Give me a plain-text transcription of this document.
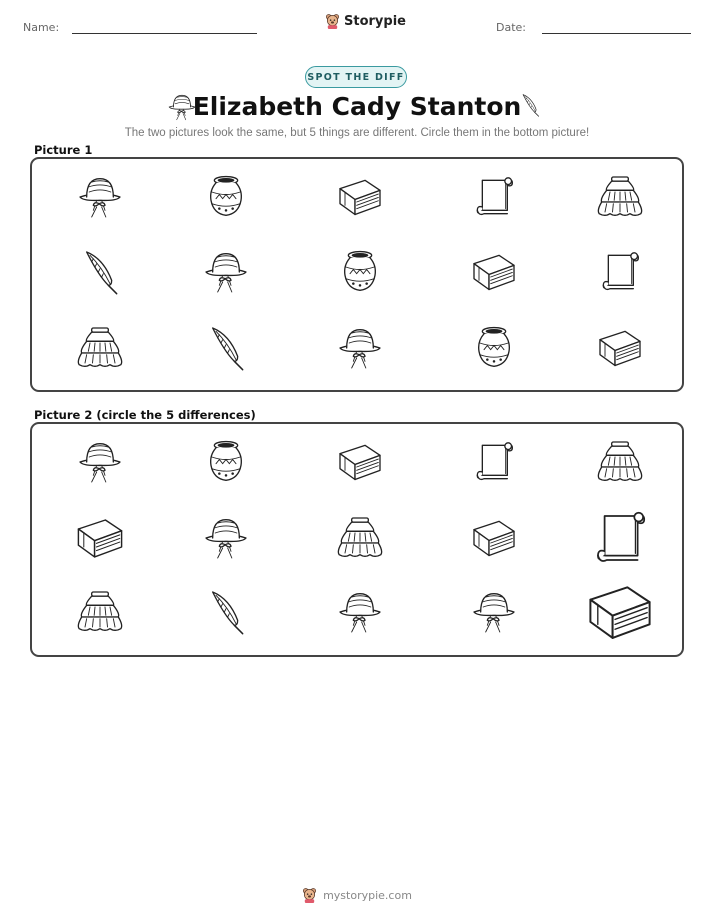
Name:	Storypie	Date:
SPOT THE DIFF
Elizabeth Cady Stanton
The two pictures look the same, but 5 things are different. Circle them in the bottom picture!
Picture 1
Picture 2 (circle the 5 differences)
mystorypie.com
